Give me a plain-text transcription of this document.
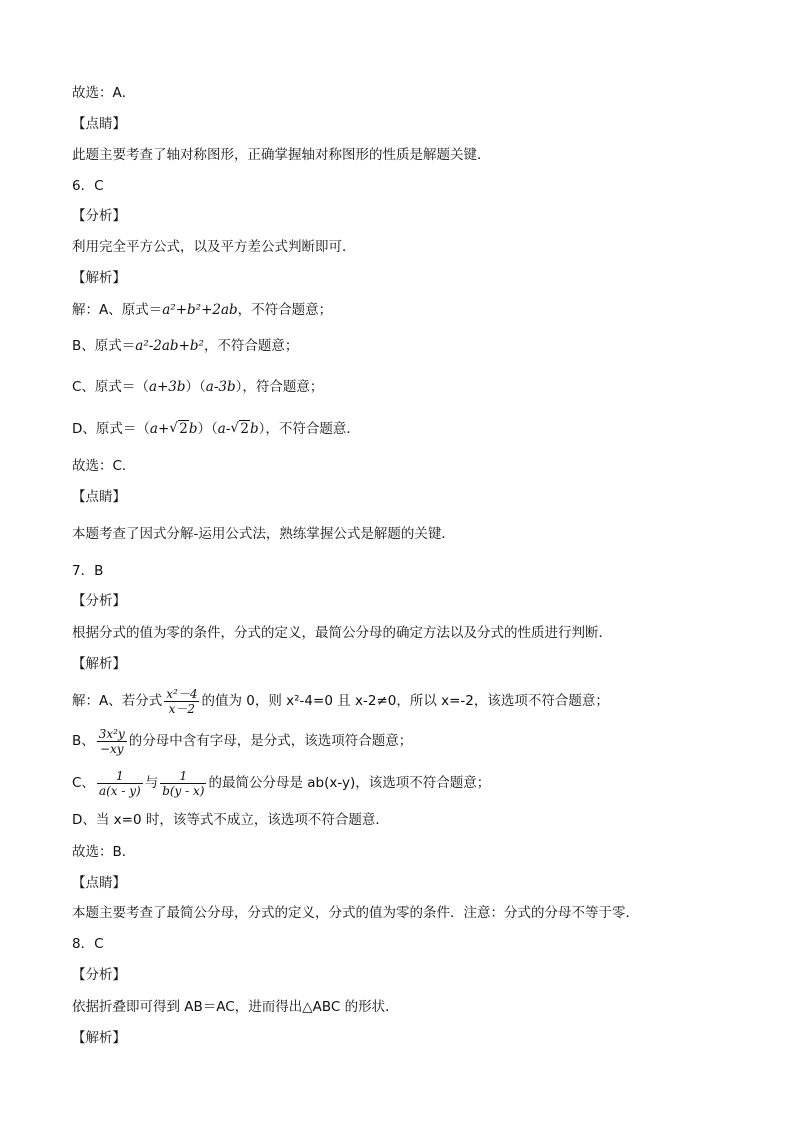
故选：A．
【点睛】
此题主要考查了轴对称图形，正确掌握轴对称图形的性质是解题关键．
6．C
【分析】
利用完全平方公式，以及平方差公式判断即可．
【解析】
解：A、原式＝a²+b²+2ab，不符合题意；
B、原式＝a²-2ab+b²，不符合题意；
C、原式＝（a+3b）（a-3b），符合题意；
D、原式＝（a+ √ 2b）（a- √ 2b），不符合题意．
故选：C．
【点睛】
本题考查了因式分解-运用公式法，熟练掌握公式是解题的关键．
7．B
【分析】
根据分式的值为零的条件，分式的定义，最简公分母的确定方法以及分式的性质进行判断．
【解析】
解：A、若分式 $\frac{\text{x²－4}}{x-2}$ 的值为 0，则 x²-4=0 且 x-2≠0，所以 x=-2，该选项不符合题意；
B、 $\frac{\text{3x²y}}{-xy}$ 的分母中含有字母，是分式，该选项符合题意；
C、 $\frac{1}{a(x - y)}$ 与 $\frac{1}{b(y - x)}$ 的最简公分母是 ab(x-y)，该选项不符合题意；
D、当 x=0 时，该等式不成立，该选项不符合题意．
故选：B．
【点睛】
本题主要考查了最简公分母，分式的定义，分式的值为零的条件．注意：分式的分母不等于零．
8．C
【分析】
依据折叠即可得到 AB＝AC，进而得出△ABC 的形状．
【解析】
